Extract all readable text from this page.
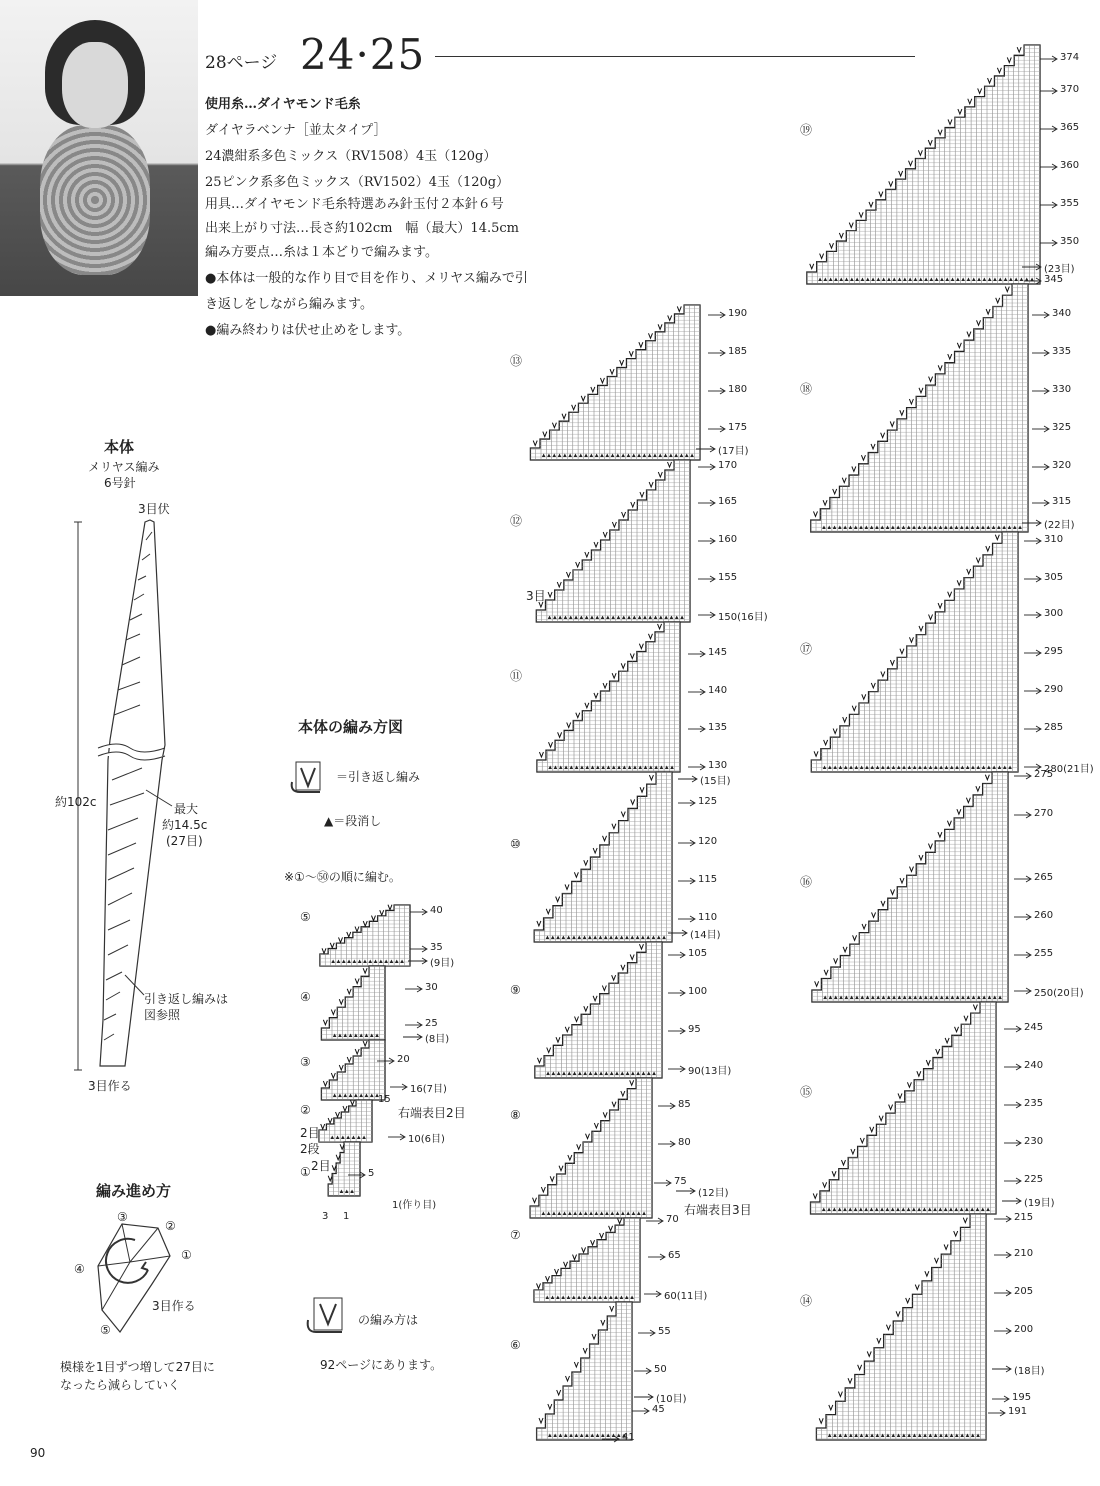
28ページ 24·25
使用糸…ダイヤモンド毛糸
ダイヤラベンナ［並太タイプ］
24濃紺系多色ミックス（RV1508）4玉（120g）
25ピンク系多色ミックス（RV1502）4玉（120g）
用具…ダイヤモンド毛糸特選あみ針玉付２本針６号
出来上がり寸法…長さ約102cm　幅（最大）14.5cm
編み方要点…糸は１本どりで編みます。
●本体は一般的な作り目で目を作り、メリヤス編みで引
き返しをしながら編みます。
●編み終わりは伏せ止めをします。
本体
メリヤス編み
6号針
3目伏
約102c	最大
約14.5c
(27目)
引き返し編みは
図参照
3目作る
編み進め方
③
②
①
④
⑤
3目作る
模様を1目ずつ増して27目に
なったら減らしていく
本体の編み方図
＝引き返し編み
▲＝段消し
※①～㊿の順に編む。
の編み方は
92ページにあります。
2目
2目
2段
右端表目2目
1(作り目)
3 1
15
3目
右端表目3目
⑤	40
35
(9目)
④
30
25
(8目)
③	20
16(7目)
②
10(6目)
①	5
⑬
190
185
180
175
(17目)
170
⑫
165
160
155
150(16目)
⑪
145
140
135
130
(15目)
⑩
125
120
115
110
(14目)
⑨
105
100
95
90(13目)
⑧
85
80
75
(12目)
70
⑦
65
60(11目)
⑥
55
50
(10目)
45
41
⑲
374
370
365
360
355
350
(23目)
345
⑱
340
335
330
325
320
315
(22目)
310
⑰
305
300
295
290
285
280(21目)
⑯
275
270
265
260
255
250(20目)
⑮
245
240
235
230
225
(19目)
⑭
215
210
205
200
(18目)
195
191
90
